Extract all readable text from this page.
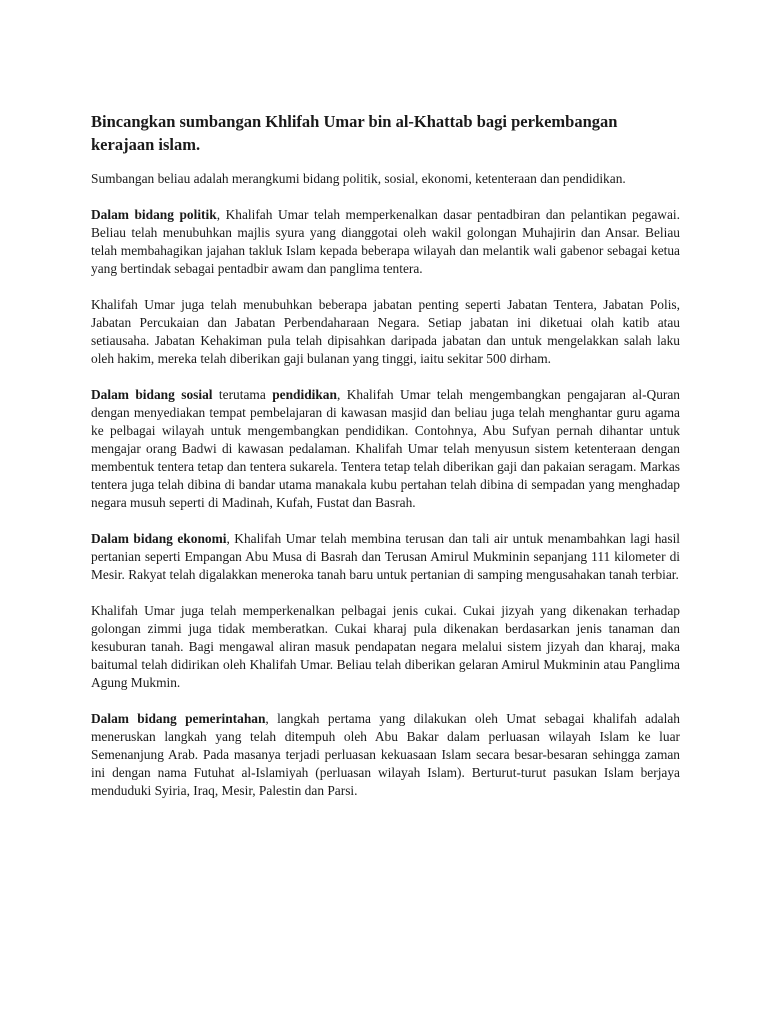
Bincangkan sumbangan Khlifah Umar bin al-Khattab bagi perkembangan kerajaan islam.

Sumbangan beliau adalah merangkumi bidang politik, sosial, ekonomi, ketenteraan dan pendidikan.

Dalam bidang politik, Khalifah Umar telah memperkenalkan dasar pentadbiran dan pelantikan pegawai. Beliau telah menubuhkan majlis syura yang dianggotai oleh wakil golongan Muhajirin dan Ansar. Beliau telah membahagikan jajahan takluk Islam kepada beberapa wilayah dan melantik wali gabenor sebagai ketua yang bertindak sebagai pentadbir awam dan panglima tentera.

Khalifah Umar juga telah menubuhkan beberapa jabatan penting seperti Jabatan Tentera, Jabatan Polis, Jabatan Percukaian dan Jabatan Perbendaharaan Negara. Setiap jabatan ini diketuai olah katib atau setiausaha. Jabatan Kehakiman pula telah dipisahkan daripada jabatan dan untuk mengelakkan salah laku oleh hakim, mereka telah diberikan gaji bulanan yang tinggi, iaitu sekitar 500 dirham.

Dalam bidang sosial terutama pendidikan, Khalifah Umar telah mengembangkan pengajaran al-Quran dengan menyediakan tempat pembelajaran di kawasan masjid dan beliau juga telah menghantar guru agama ke pelbagai wilayah untuk mengembangkan pendidikan. Contohnya, Abu Sufyan pernah dihantar untuk mengajar orang Badwi di kawasan pedalaman. Khalifah Umar telah menyusun sistem ketenteraan dengan membentuk tentera tetap dan tentera sukarela. Tentera tetap telah diberikan gaji dan pakaian seragam. Markas tentera juga telah dibina di bandar utama manakala kubu pertahan telah dibina di sempadan yang menghadap negara musuh seperti di Madinah, Kufah, Fustat dan Basrah.

Dalam bidang ekonomi, Khalifah Umar telah membina terusan dan tali air untuk menambahkan lagi hasil pertanian seperti Empangan Abu Musa di Basrah dan Terusan Amirul Mukminin sepanjang 111 kilometer di Mesir. Rakyat telah digalakkan meneroka tanah baru untuk pertanian di samping mengusahakan tanah terbiar.

Khalifah Umar juga telah memperkenalkan pelbagai jenis cukai. Cukai jizyah yang dikenakan terhadap golongan zimmi juga tidak memberatkan. Cukai kharaj pula dikenakan berdasarkan jenis tanaman dan kesuburan tanah. Bagi mengawal aliran masuk pendapatan negara melalui sistem jizyah dan kharaj, maka baitumal telah didirikan oleh Khalifah Umar. Beliau telah diberikan gelaran Amirul Mukminin atau Panglima Agung Mukmin.

Dalam bidang pemerintahan, langkah pertama yang dilakukan oleh Umat sebagai khalifah adalah meneruskan langkah yang telah ditempuh oleh Abu Bakar dalam perluasan wilayah Islam ke luar Semenanjung Arab. Pada masanya terjadi perluasan kekuasaan Islam secara besar-besaran sehingga zaman ini dengan nama Futuhat al-Islamiyah (perluasan wilayah Islam). Berturut-turut pasukan Islam berjaya menduduki Syiria, Iraq, Mesir, Palestin dan Parsi.
